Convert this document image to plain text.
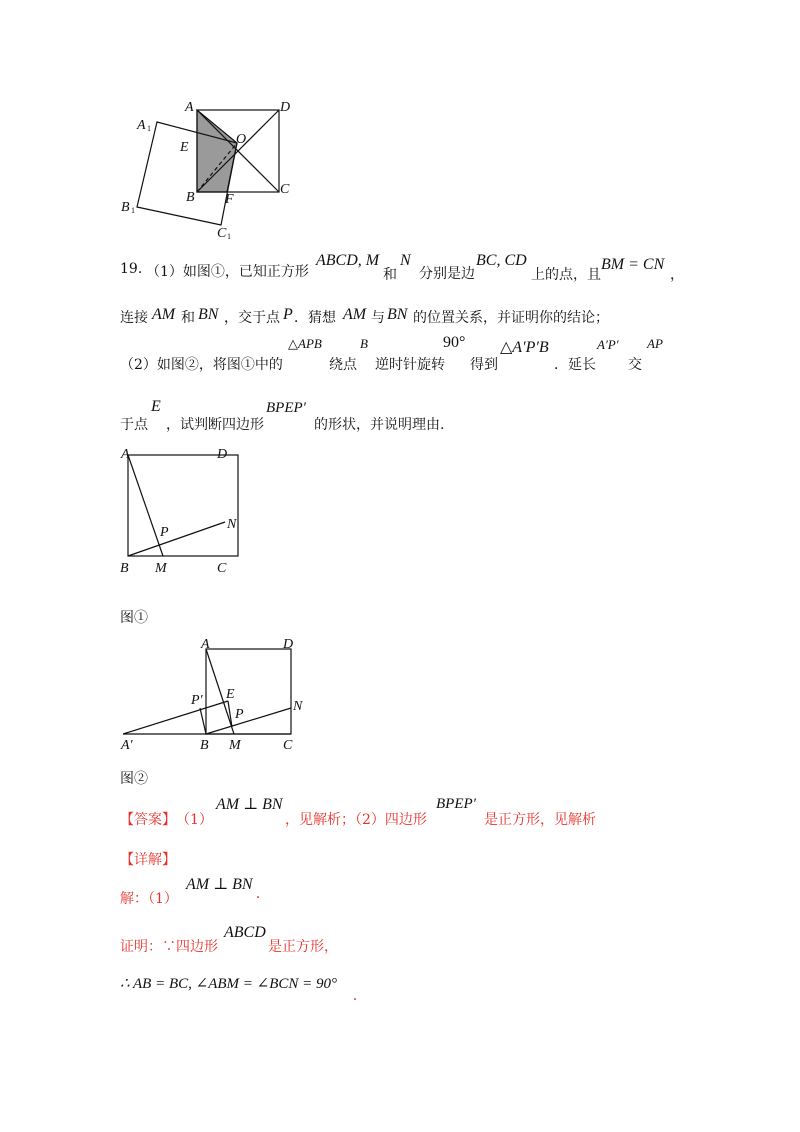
A	D
A 1
E
O
B F
C
B 1
C 1
19. （1）如图①，已知正方形
ABCD, M
和
N
分别是边
BC, CD
上的点，且
BM = CN
，
连接 AM 和 BN ，交于点 P ．猜想 AM 与 BN 的位置关系，并证明你的结论；
（2）如图②，将图①中的
△APB
绕点
B
逆时针旋转
90°
得到
△A′P′B
．延长
A′P′
交
AP
于点
E
，试判断四边形
BPEP′
的形状，并说明理由.
A	D
N
P
B M	C
图①
A	D
P′ E
N
P
A′	B M	C
图②
【答案】 （1）
AM ⊥ BN
，见解析；（2）四边形
BPEP′
是正方形，见解析
【详解】
解：（1）
AM ⊥ BN
.
证明：∵四边形
ABCD
是正方形，
∴ AB = BC, ∠ABM = ∠BCN = 90°
.
